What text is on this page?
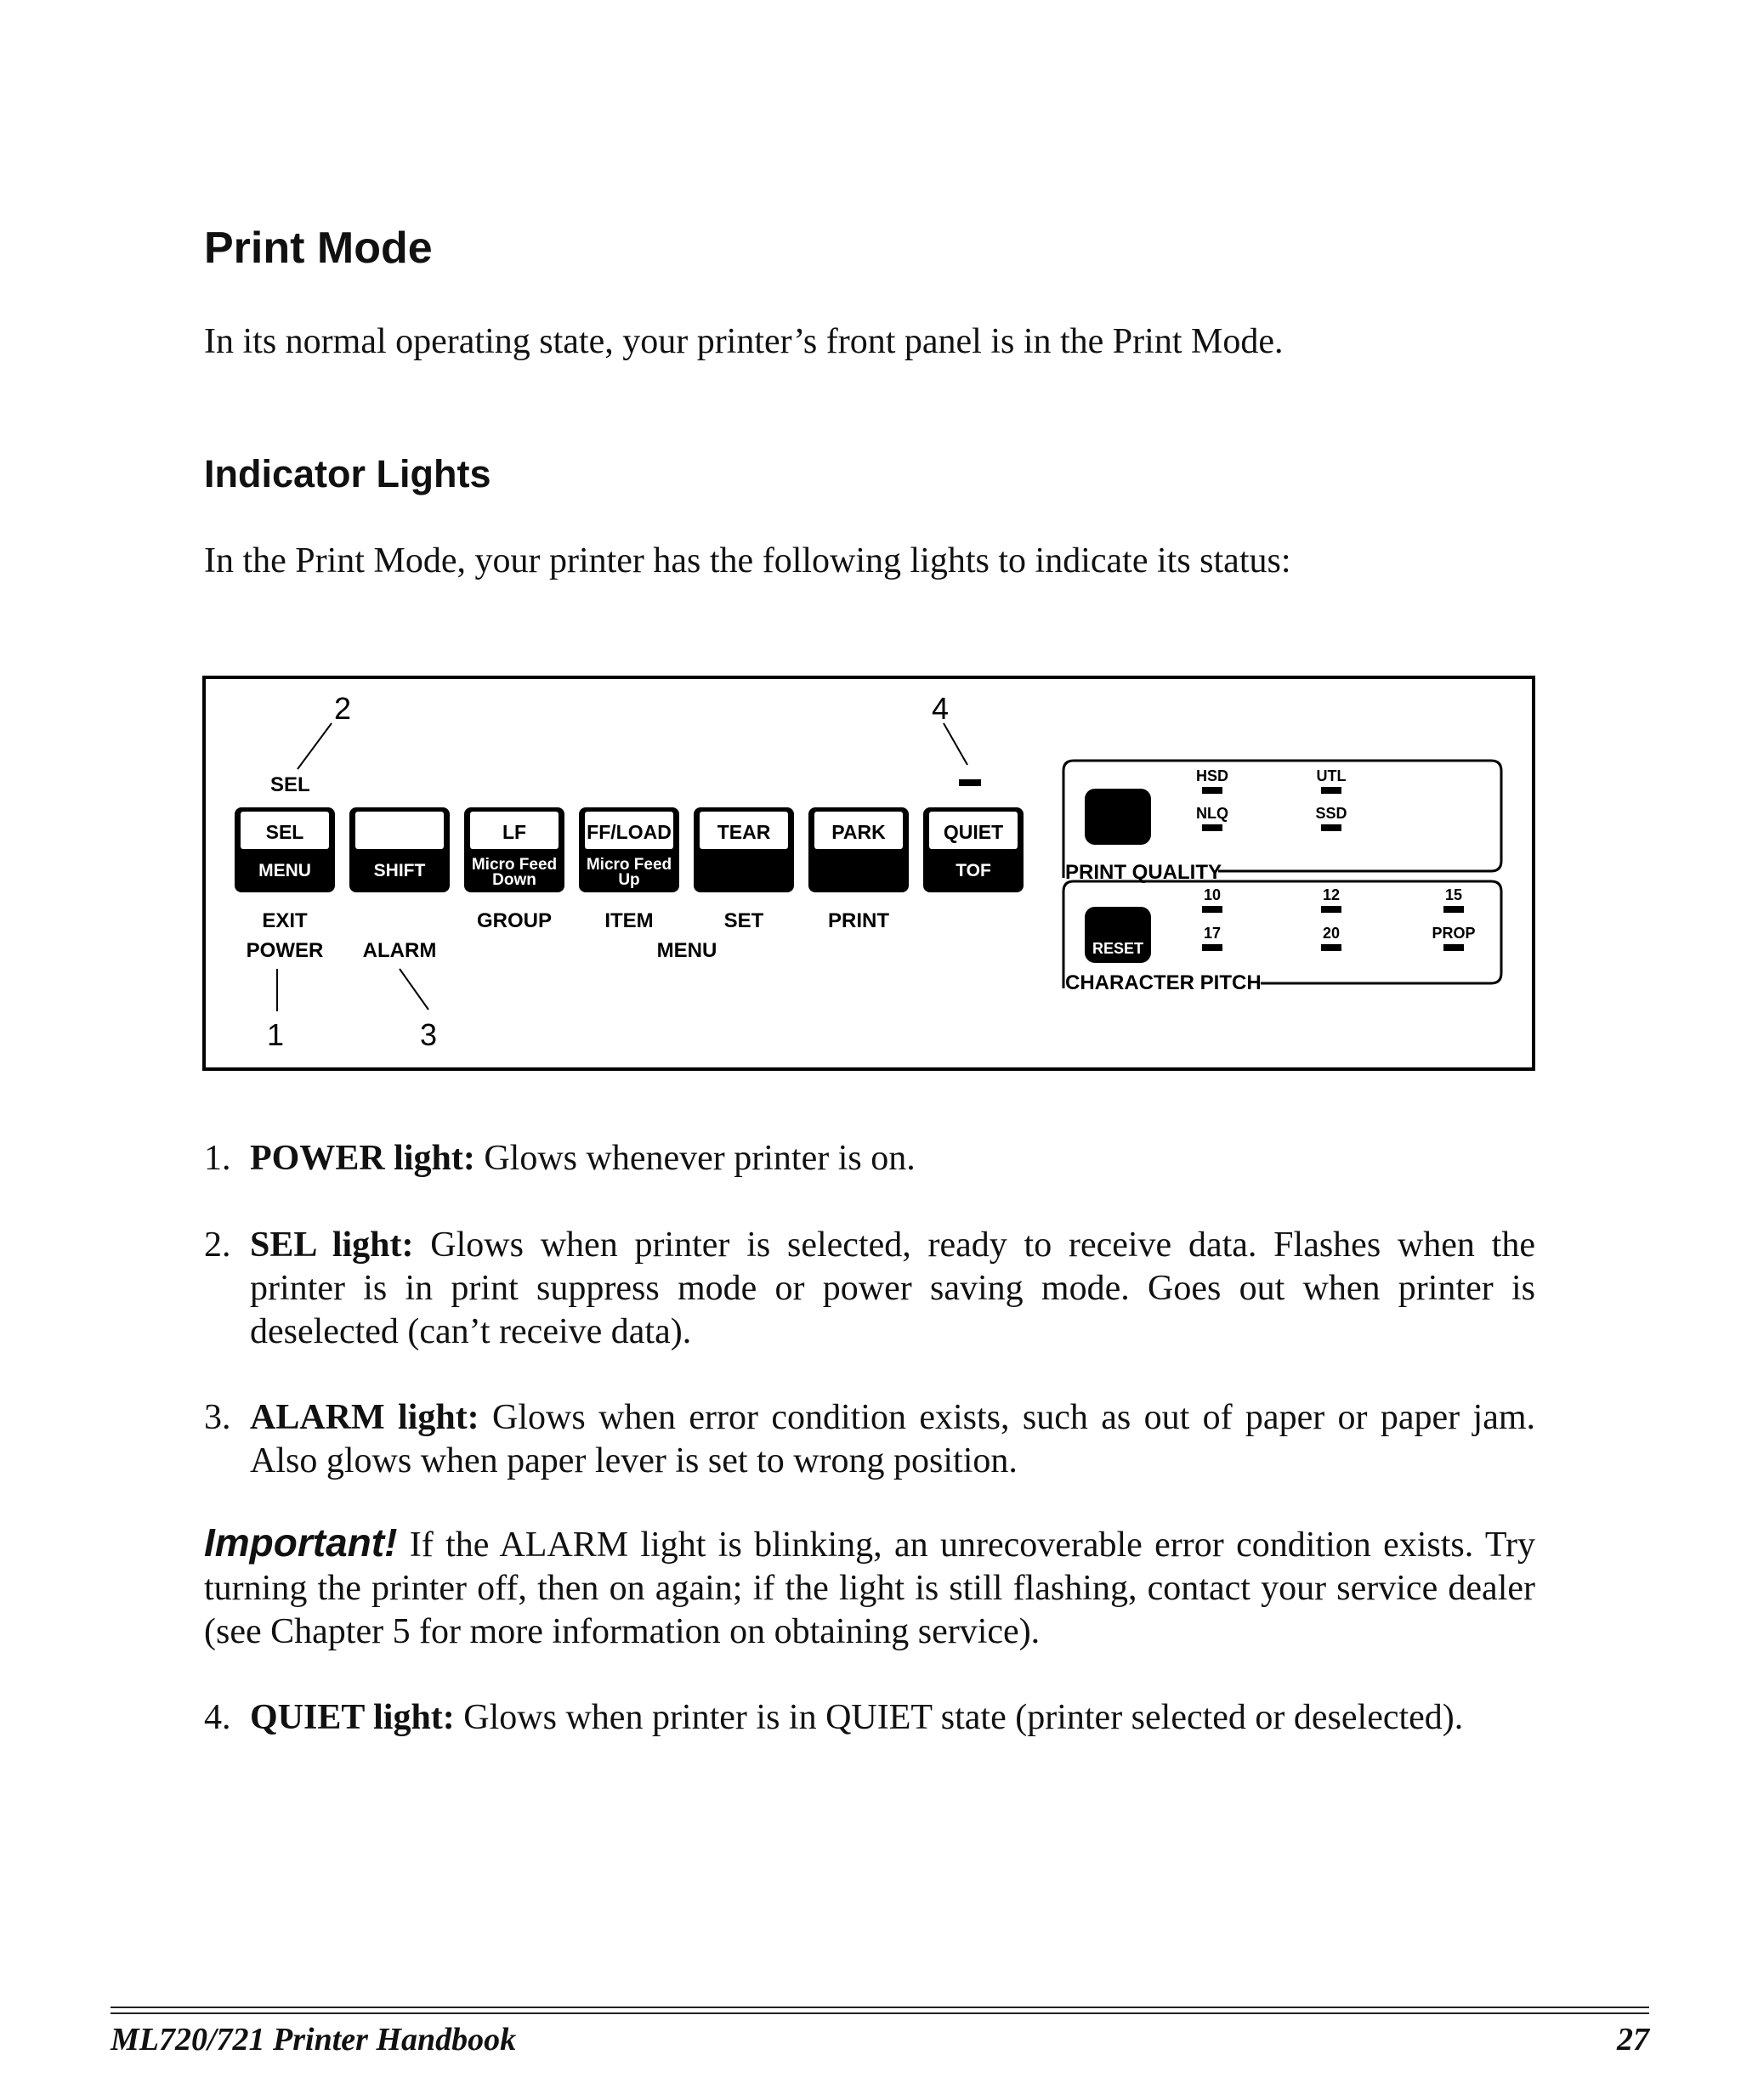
Print Mode

In its normal operating state, your printer’s front panel is in the Print Mode.

Indicator Lights

In the Print Mode, your printer has the following lights to indicate its status:

2	4
SEL
SEL
MENU	SHIFT
LF
Micro Feed
Down
FF/LOAD
Micro Feed
Up
TEAR	PARK	QUIET
TOF
EXIT
POWER ALARM
GROUP	ITEM	SET	PRINT
MENU
1	3
PRINT QUALITY
HSD	UTL
NLQ	SSD
RESET
CHARACTER PITCH
10	12	15
17	20	PROP
1. POWER light: Glows whenever printer is on.
2. SEL light: Glows when printer is selected, ready to receive data. Flashes when the printer is in print suppress mode or power saving mode. Goes out when printer is deselected (can’t receive data).
3. ALARM light: Glows when error condition exists, such as out of paper or paper jam. Also glows when paper lever is set to wrong position.

Important! If the ALARM light is blinking, an unrecoverable error condition exists. Try turning the printer off, then on again; if the light is still flashing, contact your service dealer (see Chapter 5 for more information on obtaining service).

4. QUIET light: Glows when printer is in QUIET state (printer selected or deselected).
ML720/721 Printer Handbook	27
